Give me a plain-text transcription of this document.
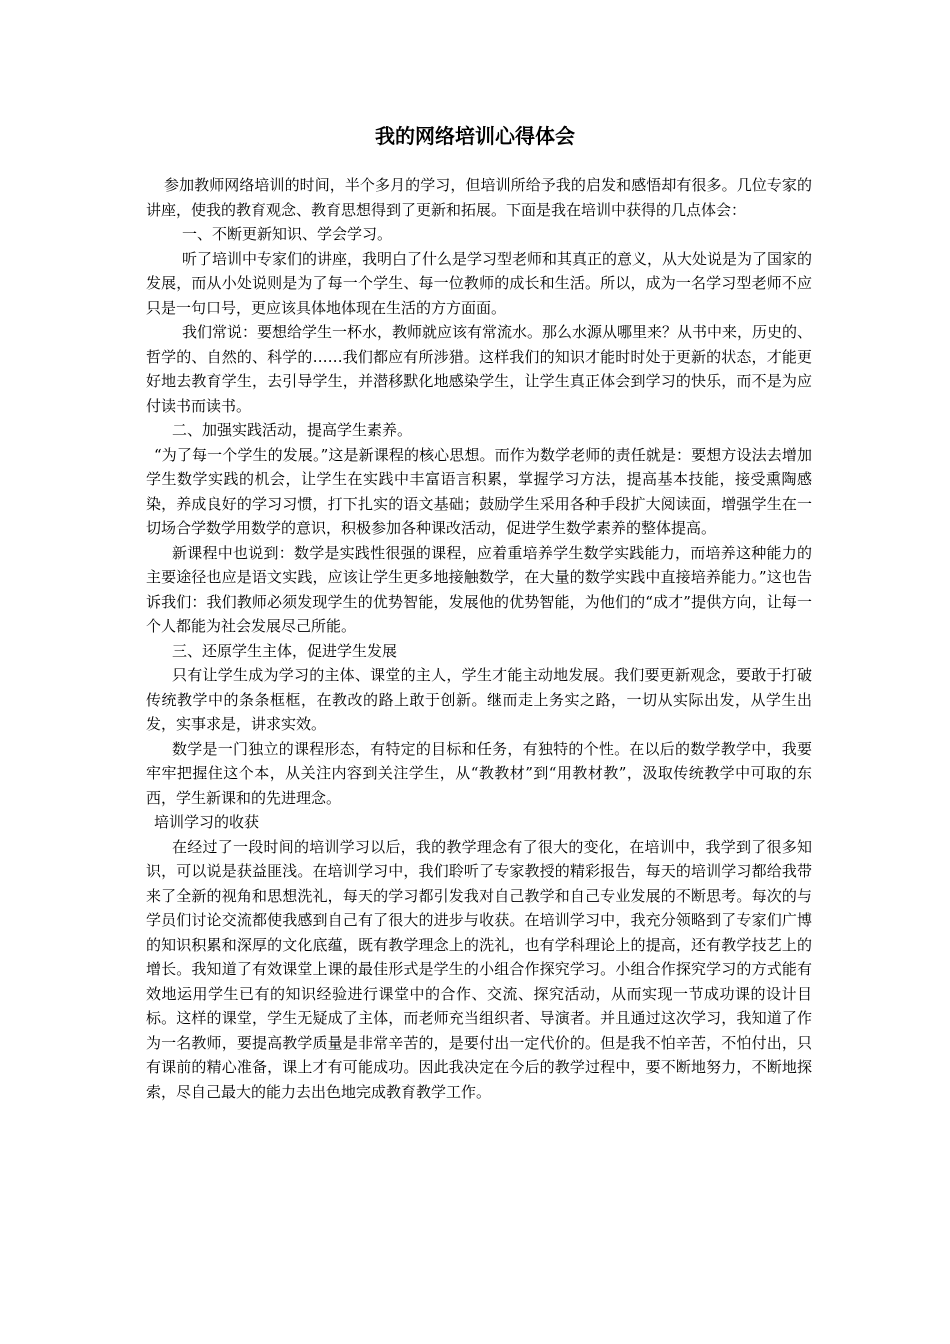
我的网络培训心得体会

参加教师网络培训的时间，半个多月的学习，但培训所给予我的启发和感悟却有很多。几位专家的讲座，使我的教育观念、教育思想得到了更新和拓展。下面是我在培训中获得的几点体会：

一、不断更新知识、学会学习。

听了培训中专家们的讲座，我明白了什么是学习型老师和其真正的意义，从大处说是为了国家的发展，而从小处说则是为了每一个学生、每一位教师的成长和生活。所以，成为一名学习型老师不应只是一句口号，更应该具体地体现在生活的方方面面。

我们常说：要想给学生一杯水，教师就应该有常流水。那么水源从哪里来？从书中来，历史的、哲学的、自然的、科学的……我们都应有所涉猎。这样我们的知识才能时时处于更新的状态，才能更好地去教育学生，去引导学生，并潜移默化地感染学生，让学生真正体会到学习的快乐，而不是为应付读书而读书。

二、加强实践活动，提高学生素养。

“为了每一个学生的发展。”这是新课程的核心思想。而作为数学老师的责任就是：要想方设法去增加学生数学实践的机会，让学生在实践中丰富语言积累，掌握学习方法，提高基本技能，接受熏陶感染，养成良好的学习习惯，打下扎实的语文基础；鼓励学生采用各种手段扩大阅读面，增强学生在一切场合学数学用数学的意识，积极参加各种课改活动，促进学生数学素养的整体提高。

新课程中也说到：数学是实践性很强的课程，应着重培养学生数学实践能力，而培养这种能力的主要途径也应是语文实践，应该让学生更多地接触数学，在大量的数学实践中直接培养能力。”这也告诉我们：我们教师必须发现学生的优势智能，发展他的优势智能，为他们的“成才”提供方向，让每一个人都能为社会发展尽己所能。

三、还原学生主体，促进学生发展

只有让学生成为学习的主体、课堂的主人，学生才能主动地发展。我们要更新观念，要敢于打破传统教学中的条条框框，在教改的路上敢于创新。继而走上务实之路，一切从实际出发，从学生出发，实事求是，讲求实效。

数学是一门独立的课程形态，有特定的目标和任务，有独特的个性。在以后的数学教学中，我要牢牢把握住这个本，从关注内容到关注学生，从“教教材”到“用教材教”，汲取传统教学中可取的东西，学生新课和的先进理念。

培训学习的收获

在经过了一段时间的培训学习以后，我的教学理念有了很大的变化，在培训中，我学到了很多知识，可以说是获益匪浅。在培训学习中，我们聆听了专家教授的精彩报告，每天的培训学习都给我带来了全新的视角和思想洗礼，每天的学习都引发我对自己教学和自己专业发展的不断思考。每次的与学员们讨论交流都使我感到自己有了很大的进步与收获。在培训学习中，我充分领略到了专家们广博的知识积累和深厚的文化底蕴，既有教学理念上的洗礼，也有学科理论上的提高，还有教学技艺上的增长。我知道了有效课堂上课的最佳形式是学生的小组合作探究学习。小组合作探究学习的方式能有效地运用学生已有的知识经验进行课堂中的合作、交流、探究活动，从而实现一节成功课的设计目标。这样的课堂，学生无疑成了主体，而老师充当组织者、导演者。并且通过这次学习，我知道了作为一名教师，要提高教学质量是非常辛苦的，是要付出一定代价的。但是我不怕辛苦，不怕付出，只有课前的精心准备，课上才有可能成功。因此我决定在今后的教学过程中，要不断地努力，不断地探索，尽自己最大的能力去出色地完成教育教学工作。
